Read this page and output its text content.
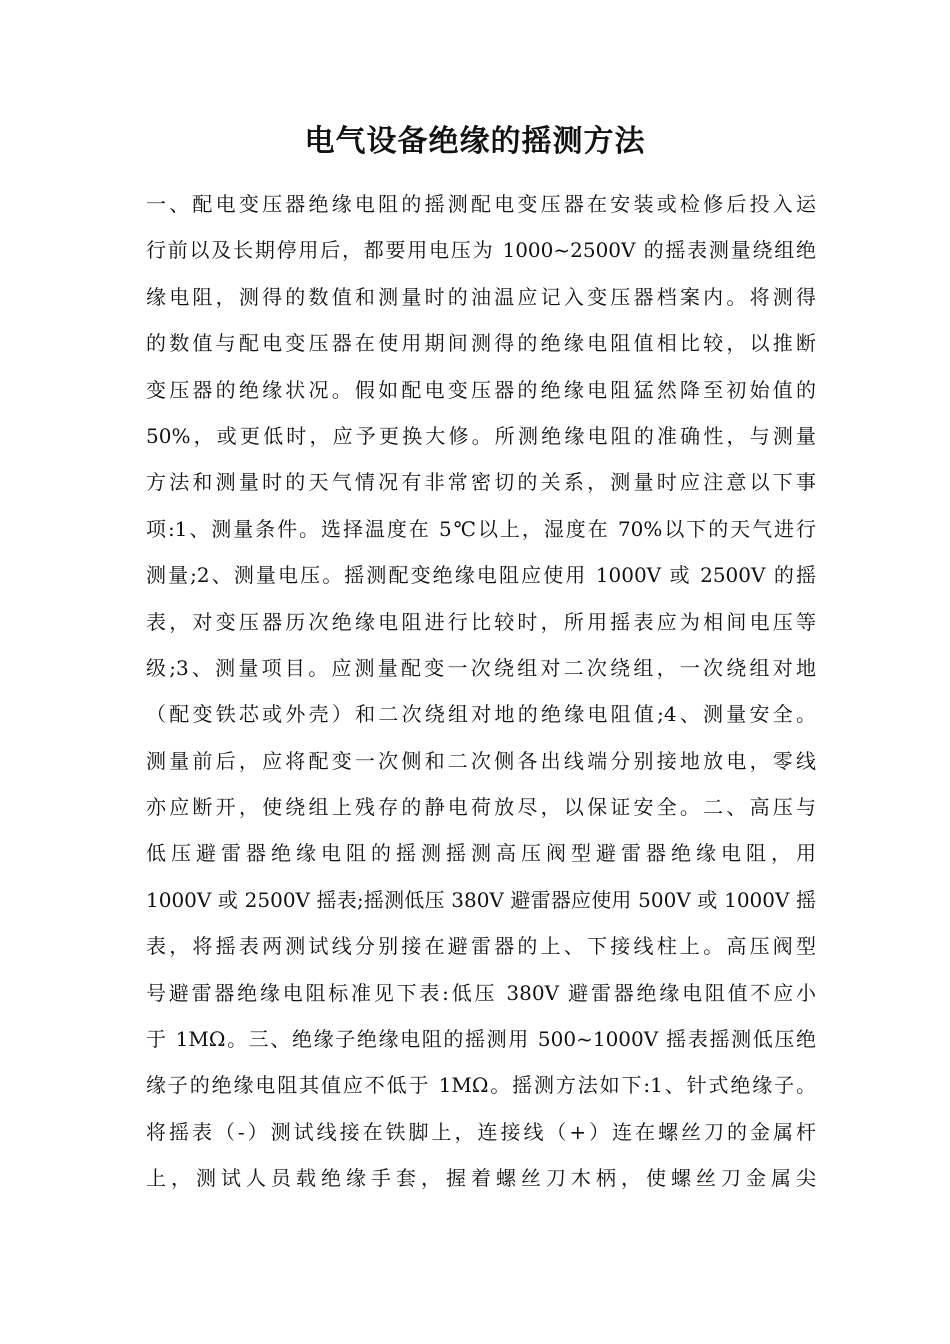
电气设备绝缘的摇测方法
一、配电变压器绝缘电阻的摇测配电变压器在安装或检修后投入运
行前以及长期停用后，都要用电压为 1000~2500V 的摇表测量绕组绝
缘电阻，测得的数值和测量时的油温应记入变压器档案内。将测得
的数值与配电变压器在使用期间测得的绝缘电阻值相比较，以推断
变压器的绝缘状况。假如配电变压器的绝缘电阻猛然降至初始值的
50%，或更低时，应予更换大修。所测绝缘电阻的准确性，与测量
方法和测量时的天气情况有非常密切的关系，测量时应注意以下事
项:1、测量条件。选择温度在 5℃以上，湿度在 70%以下的天气进行
测量;2、测量电压。摇测配变绝缘电阻应使用 1000V 或 2500V 的摇
表，对变压器历次绝缘电阻进行比较时，所用摇表应为相间电压等
级;3、测量项目。应测量配变一次绕组对二次绕组，一次绕组对地
（配变铁芯或外壳）和二次绕组对地的绝缘电阻值;4、测量安全。
测量前后，应将配变一次侧和二次侧各出线端分别接地放电，零线
亦应断开，使绕组上残存的静电荷放尽，以保证安全。二、高压与
低压避雷器绝缘电阻的摇测摇测高压阀型避雷器绝缘电阻，用
1000V 或 2500V 摇表;摇测低压 380V 避雷器应使用 500V 或 1000V 摇
表，将摇表两测试线分别接在避雷器的上、下接线柱上。高压阀型
号避雷器绝缘电阻标准见下表:低压 380V 避雷器绝缘电阻值不应小
于 1MΩ。三、绝缘子绝缘电阻的摇测用 500~1000V 摇表摇测低压绝
缘子的绝缘电阻其值应不低于 1MΩ。摇测方法如下:1、针式绝缘子。
将摇表（-）测试线接在铁脚上，连接线（+）连在螺丝刀的金属杆
上，测试人员载绝缘手套，握着螺丝刀木柄，使螺丝刀金属尖
